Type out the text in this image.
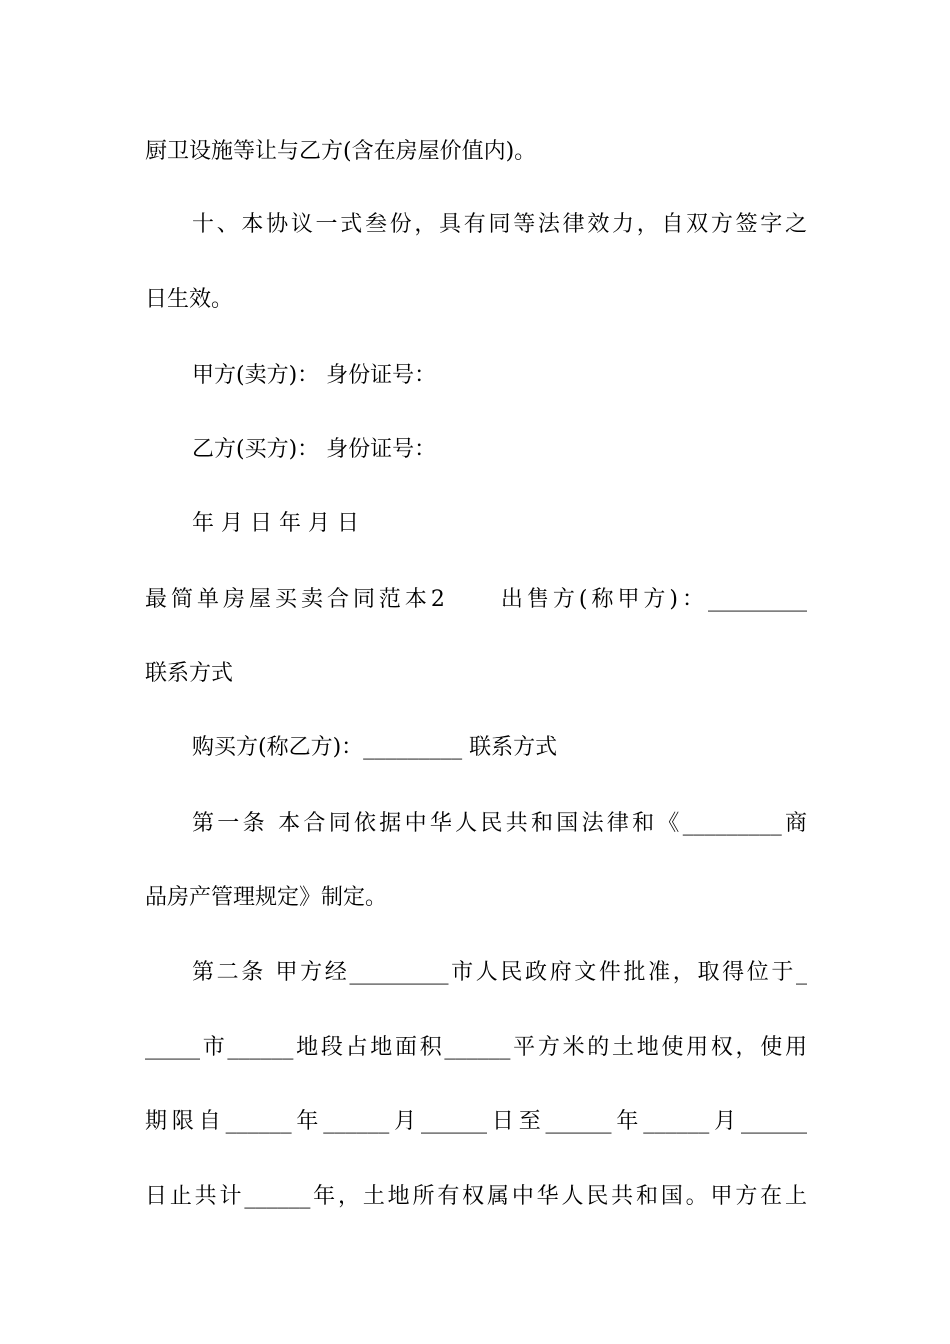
厨卫设施等让与乙方(含在房屋价值内)。
十、本协议一式叁份，具有同等法律效力，自双方签字之
日生效。
甲方(卖方)： 身份证号：
乙方(买方)： 身份证号：
年 月 日 年 月 日
最简单房屋买卖合同范本2　　出售方(称甲方)：_________
联系方式
购买方(称乙方)：_________ 联系方式
第一条 本合同依据中华人民共和国法律和《_________商
品房产管理规定》制定。
第二条 甲方经_________市人民政府文件批准，取得位于_
_____市______地段占地面积______平方米的土地使用权，使用
期限自______年______月______日至______年______月______
日止共计______年，土地所有权属中华人民共和国。甲方在上
